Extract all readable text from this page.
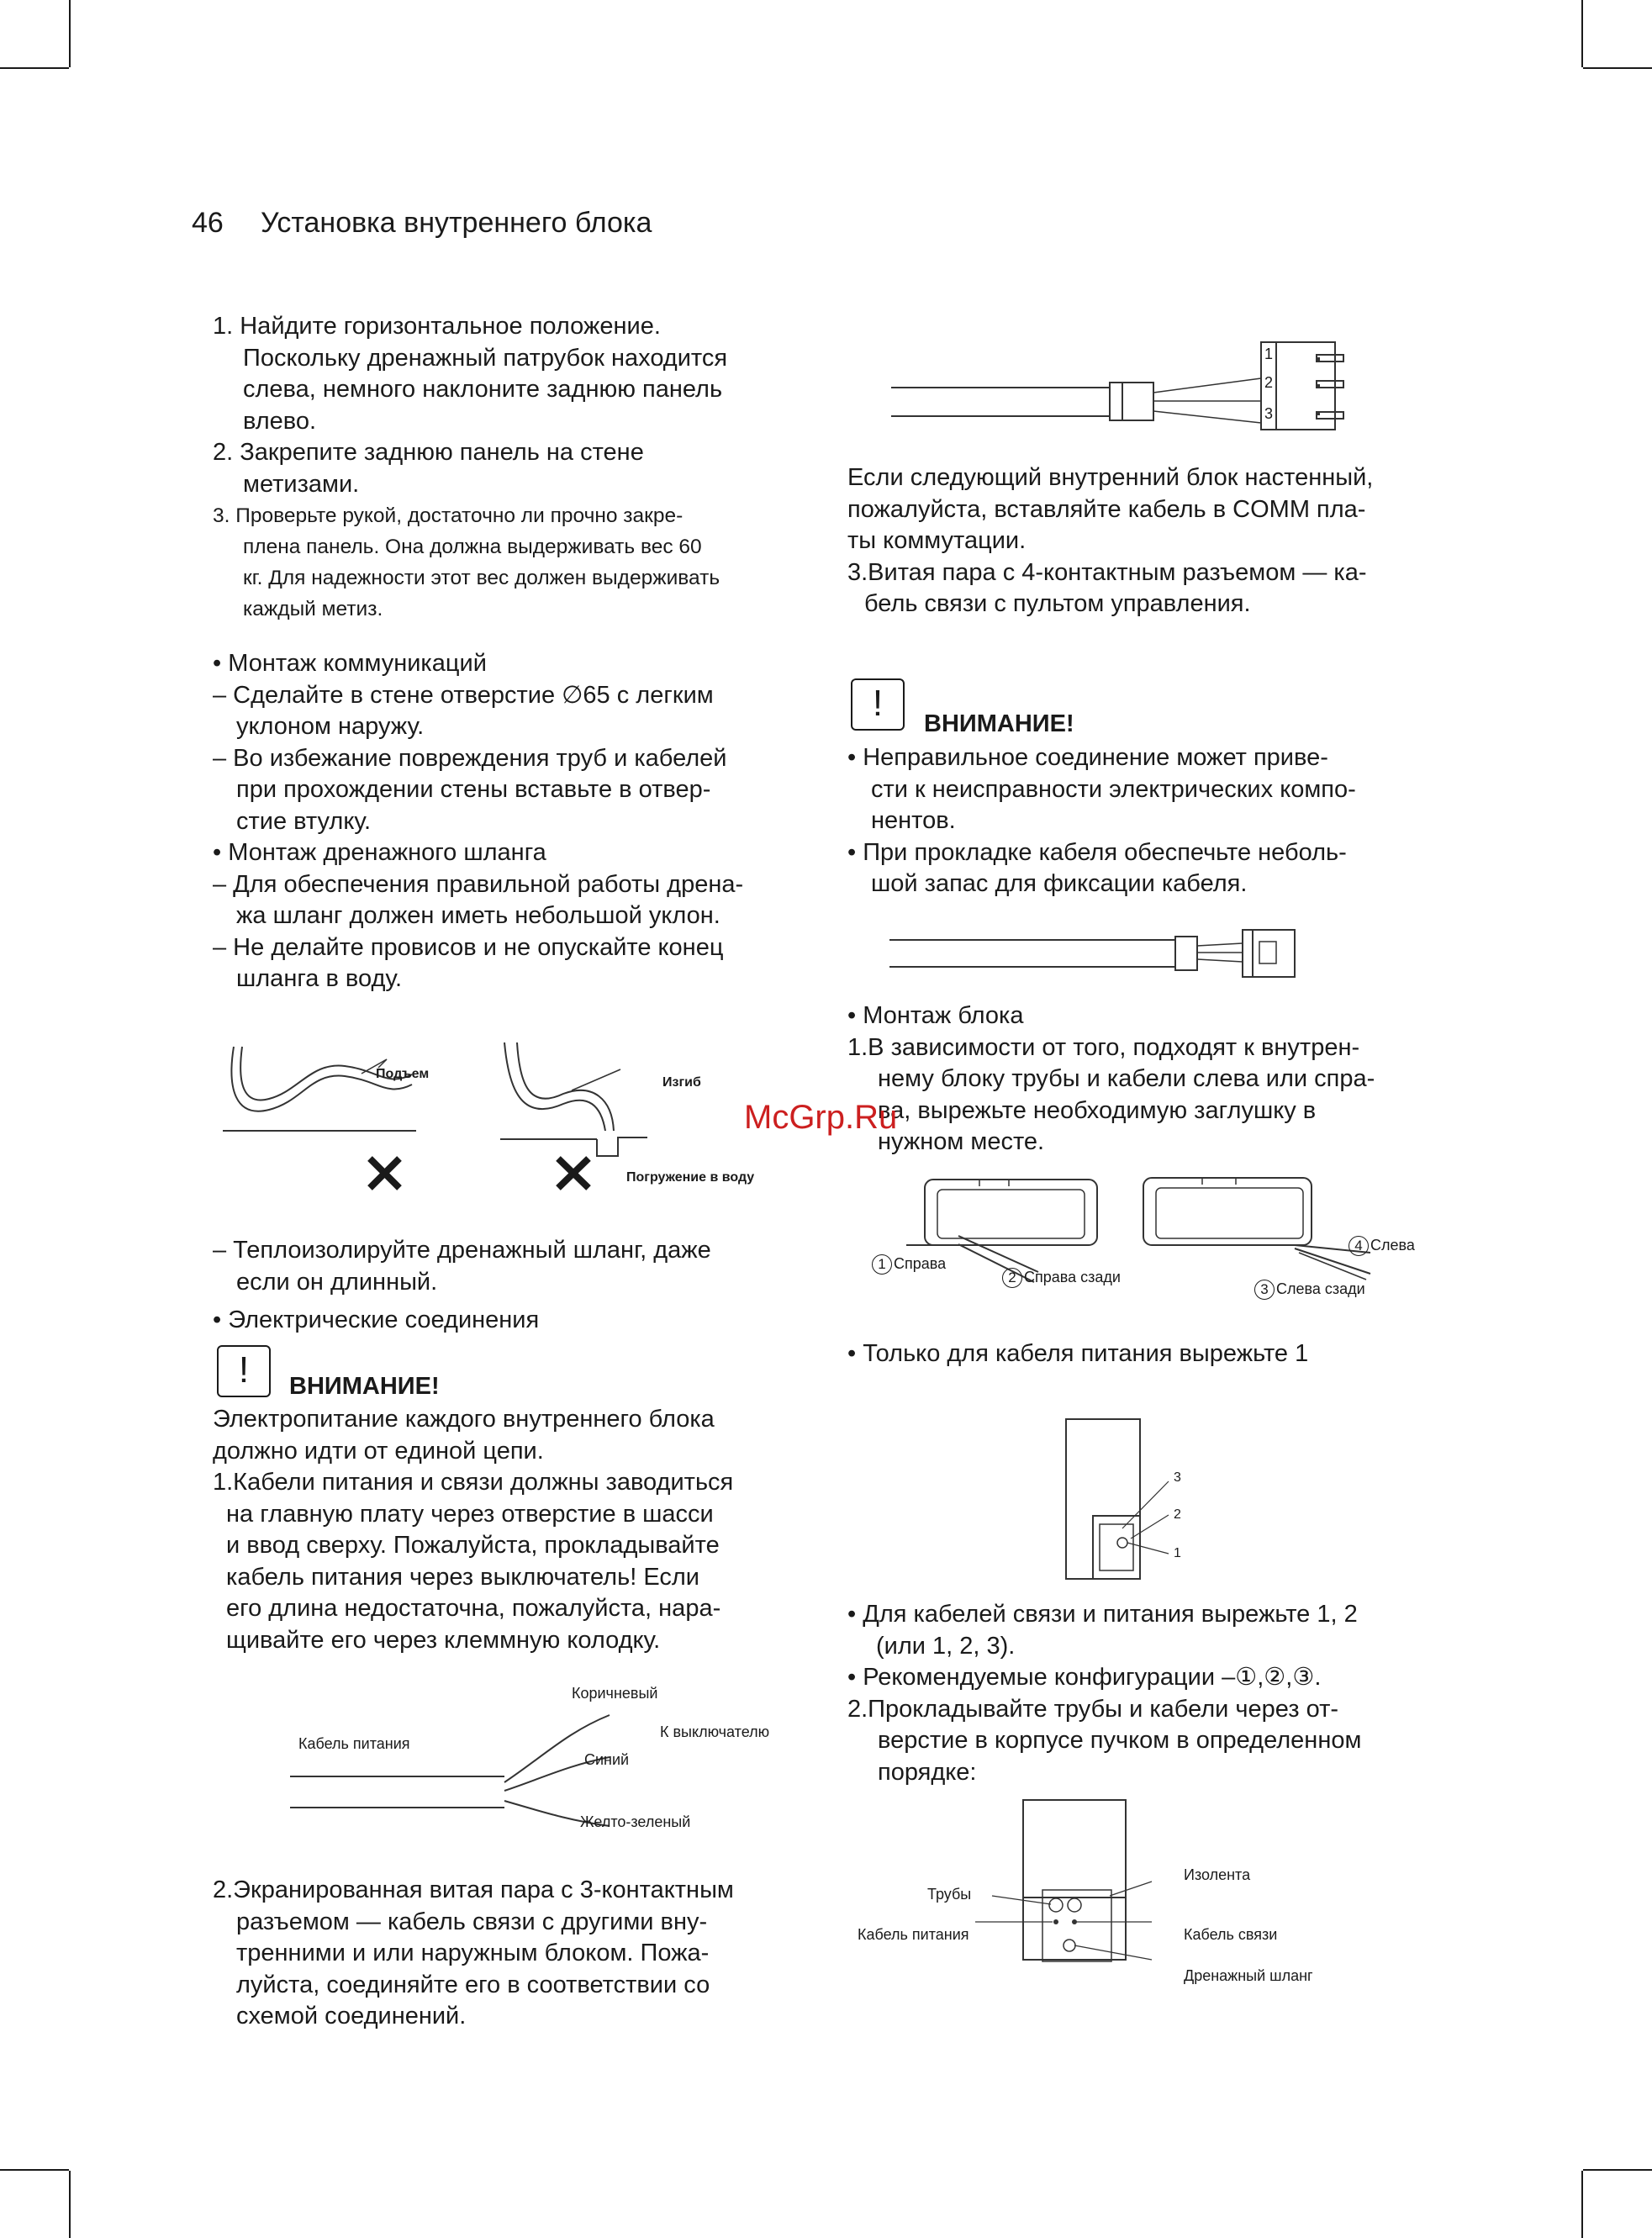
46 Установка внутреннего блока
1. Найдите горизонтальное положение.
Поскольку дренажный патрубок находится
слева, немного наклоните заднюю панель
влево.
2. Закрепите заднюю панель на стене
метизами.
3. Проверьте рукой, достаточно ли прочно закре-
плена панель. Она должна выдерживать вес 60
кг. Для надежности этот вес должен выдерживать
каждый метиз.
• Монтаж коммуникаций
– Сделайте в стене отверстие ∅65 с легким
уклоном наружу.
– Во избежание повреждения труб и кабелей
при прохождении стены вставьте в отвер-
стие втулку.
• Монтаж дренажного шланга
– Для обеспечения правильной работы дрена-
жа шланг должен иметь небольшой уклон.
– Не делайте провисов и не опускайте конец
шланга в воду.
Подъем
Изгиб
Погружение в воду
– Теплоизолируйте дренажный шланг, даже
если он длинный.
• Электрические соединения
!	ВНИМАНИЕ!
Электропитание каждого внутреннего блока
должно идти от единой цепи.
1.Кабели питания и связи должны заводиться
на главную плату через отверстие в шасси
и ввод сверху. Пожалуйста, прокладывайте
кабель питания через выключатель! Если
его длина недостаточна, пожалуйста, нара-
щивайте его через клеммную колодку.
Кабель питания
Коричневый
К выключателю
Синий
Желто-зеленый
2.Экранированная витая пара с 3-контактным
разъемом — кабель связи с другими вну-
тренними и или наружным блоком. Пожа-
луйста, соединяйте его в соответствии со
схемой соединений.
1
2
3
Если следующий внутренний блок настенный,
пожалуйста, вставляйте кабель в COMM пла-
ты коммутации.
3.Витая пара с 4-контактным разъемом — ка-
бель связи с пультом управления.
!	ВНИМАНИЕ!
• Неправильное соединение может приве-
сти к неисправности электрических компо-
нентов.
• При прокладке кабеля обеспечьте неболь-
шой запас для фиксации кабеля.
• Монтаж блока
1.В зависимости от того, подходят к внутрен-
нему блоку трубы и кабели слева или спра-
ва, вырежьте необходимую заглушку в
нужном месте.
McGrp.Ru
1 Справа
2 Справа сзади
3 Слева сзади
4 Слева
• Только для кабеля питания вырежьте 1
3
2
1
• Для кабелей связи и питания вырежьте 1, 2
(или 1, 2, 3).
• Рекомендуемые конфигурации –①,②,③.
2.Прокладывайте трубы и кабели через от-
верстие в корпусе пучком в определенном
порядке:
Трубы
Кабель питания
Изолента
Кабель связи
Дренажный шланг
